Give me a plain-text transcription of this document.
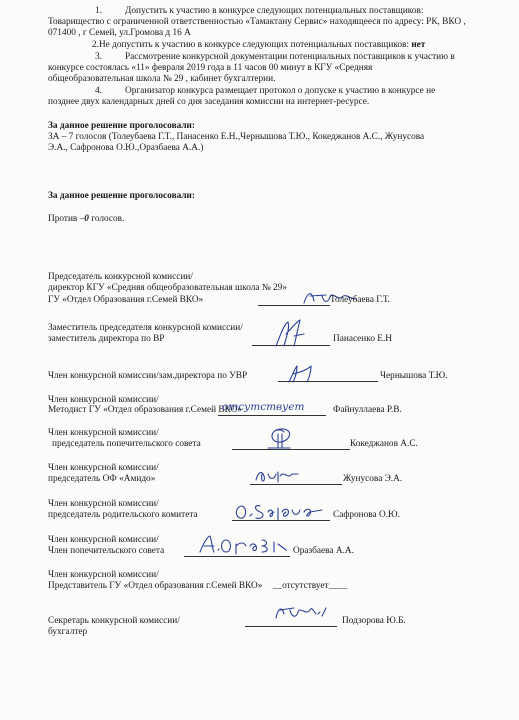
1. Допустить к участию в конкурсе следующих потенциальных поставщиков:
Товарищество с ограниченной ответственностью «Тамактану Сервис» находящееся по адресу: РК, ВКО ,
071400 , г Семей, ул.Громова д 16 А
2.Не допустить к участию в конкурсе следующих потенциальных поставщиков: нет
3. Рассмотрение конкурсной документации потенциальных поставщиков к участию в
конкурсе состоялась «11» февраля 2019 года в 11 часов 00 минут в КГУ «Средняя
общеобразовательная школа № 29 , кабинет бухгалтерии.
4. Организатор конкурса размещает протокол о допуске к участию в конкурсе не
позднее двух календарных дней со дня заседания комиссии на интернет-ресурсе.
За данное решение проголосовали:
ЗА – 7 голосов (Толеубаева Г.Т., Панасенко Е.Н.,Чернышова Т.Ю., Кокеджанов А.С., Жунусова
Э.А., Сафронова О.Ю.,Оразбаева А.А.)
За данное решение проголосовали:
Против –0 голосов.
Председатель конкурсной комиссии/
директор КГУ «Средняя общеобразовательная школа № 29»
ГУ «Отдел Образования г.Семей ВКО»	Толеубаева Г.Т.
Заместитель председателя конкурсной комиссии/
заместитель директора по ВР	Панасенко Е.Н
Член конкурсной комиссии/зам.директора по УВР	Чернышова Т.Ю.
Член конкурсной комиссии/
Методист ГУ «Отдел образования г.Семей ВКО»
отсутствует	Файнуллаева Р.В.
Член конкурсной комиссии/
председатель попечительского совета	Кокеджанов А.С.
Член конкурсной комиссии/
председатель ОФ «Амидо»	Жунусова Э.А.
Член конкурсной комиссии/
председатель родительского комитета	Сафронова О.Ю.
Член конкурсной комиссии/
Член попечительского совета	Оразбаева А.А.
Член конкурсной комиссии/
Представитель ГУ «Отдел образования г.Семей ВКО» __отсутствует____
Секретарь конкурсной комиссии/
бухгалтер
Подзорова Ю.Б.
